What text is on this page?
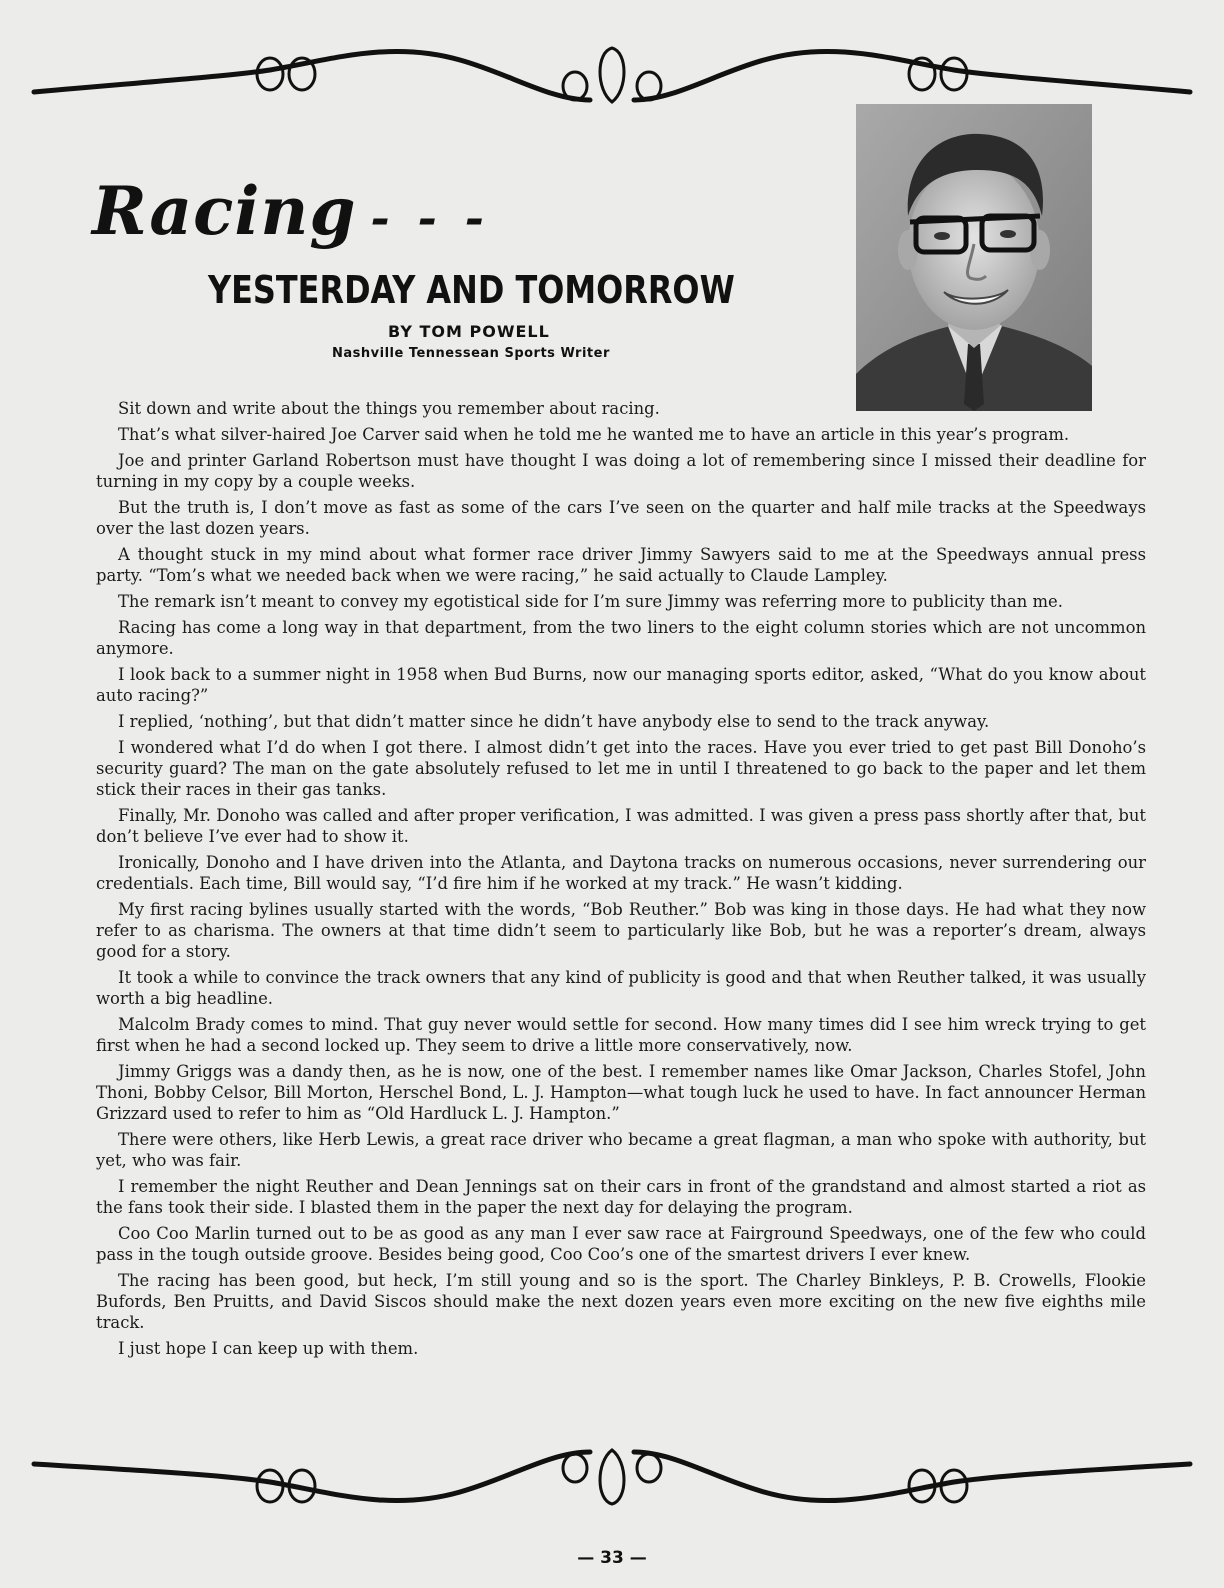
Racing - - -
YESTERDAY AND TOMORROW

BY TOM POWELL

Nashville Tennessean Sports Writer

Sit down and write about the things you remember about racing.

That’s what silver-haired Joe Carver said when he told me he wanted me to have an article in this year’s program.

Joe and printer Garland Robertson must have thought I was doing a lot of remembering since I missed their deadline for turning in my copy by a couple weeks.

But the truth is, I don’t move as fast as some of the cars I’ve seen on the quarter and half mile tracks at the Speedways over the last dozen years.

A thought stuck in my mind about what former race driver Jimmy Sawyers said to me at the Speedways annual press party. “Tom’s what we needed back when we were racing,” he said actually to Claude Lampley.

The remark isn’t meant to convey my egotistical side for I’m sure Jimmy was referring more to publicity than me.

Racing has come a long way in that department, from the two liners to the eight column stories which are not uncommon anymore.

I look back to a summer night in 1958 when Bud Burns, now our managing sports editor, asked, “What do you know about auto racing?”

I replied, ‘nothing’, but that didn’t matter since he didn’t have anybody else to send to the track anyway.

I wondered what I’d do when I got there. I almost didn’t get into the races. Have you ever tried to get past Bill Donoho’s security guard? The man on the gate absolutely refused to let me in until I threatened to go back to the paper and let them stick their races in their gas tanks.

Finally, Mr. Donoho was called and after proper verification, I was admitted. I was given a press pass shortly after that, but don’t believe I’ve ever had to show it.

Ironically, Donoho and I have driven into the Atlanta, and Daytona tracks on numerous occasions, never surrendering our credentials. Each time, Bill would say, “I’d fire him if he worked at my track.” He wasn’t kidding.

My first racing bylines usually started with the words, “Bob Reuther.” Bob was king in those days. He had what they now refer to as charisma. The owners at that time didn’t seem to particularly like Bob, but he was a reporter’s dream, always good for a story.

It took a while to convince the track owners that any kind of publicity is good and that when Reuther talked, it was usually worth a big headline.

Malcolm Brady comes to mind. That guy never would settle for second. How many times did I see him wreck trying to get first when he had a second locked up. They seem to drive a little more conservatively, now.

Jimmy Griggs was a dandy then, as he is now, one of the best. I remember names like Omar Jackson, Charles Stofel, John Thoni, Bobby Celsor, Bill Morton, Herschel Bond, L. J. Hampton—what tough luck he used to have. In fact announcer Herman Grizzard used to refer to him as “Old Hardluck L. J. Hampton.”

There were others, like Herb Lewis, a great race driver who became a great flagman, a man who spoke with authority, but yet, who was fair.

I remember the night Reuther and Dean Jennings sat on their cars in front of the grandstand and almost started a riot as the fans took their side. I blasted them in the paper the next day for delaying the program.

Coo Coo Marlin turned out to be as good as any man I ever saw race at Fairground Speedways, one of the few who could pass in the tough outside groove. Besides being good, Coo Coo’s one of the smartest drivers I ever knew.

The racing has been good, but heck, I’m still young and so is the sport. The Charley Binkleys, P. B. Crowells, Flookie Bufords, Ben Pruitts, and David Siscos should make the next dozen years even more exciting on the new five eighths mile track.

I just hope I can keep up with them.

— 33 —
